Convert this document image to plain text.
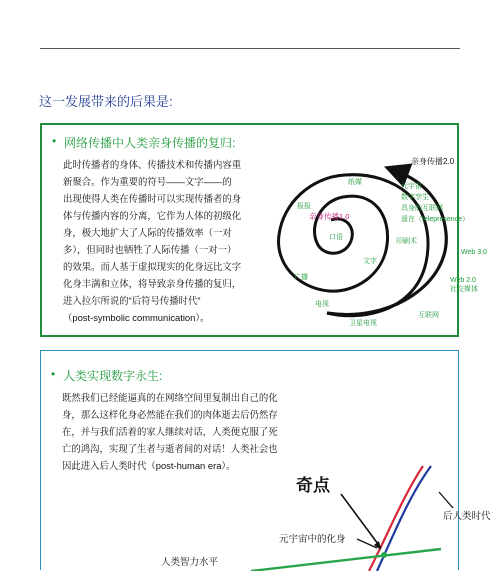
这一发展带来的后果是:
• 网络传播中人类亲身传播的复归:
此时传播者的身体、传播技术和传播内容重
新聚合。作为重要的符号——文字——的
出现使得人类在传播时可以实现传播者的身
体与传播内容的分离，它作为人体的初级化
身，极大地扩大了人际的传播效率（一对
多），但同时也牺牲了人际传播（一对一）
的效果。而人基于虚拟现实的化身远比文字
化身丰满和立体，将导致亲身传播的复归，
进入拉尔所说的“后符号传播时代”
（post-symbolic communication）。
亲身传播2.0
亲身传播1.0
纸媒
报报
口语
文字
印刷术
广播
电视
卫星电视
互联网
Web 2.0
社交媒体
Web 3.0
元宇宙
数字孪生
具身的互联网
遥在（telepresence）
• 人类实现数字永生:
既然我们已经能逼真的在网络空间里复制出自己的化
身，那么这样化身必然能在我们的肉体逝去后仍然存
在，并与我们活着的家人继续对话，人类便克服了死
亡的鸿沟，实现了生者与逝者间的对话！人类社会也
因此进入后人类时代（post-human era）。
奇点
后人类时代
元宇宙中的化身
人类智力水平
